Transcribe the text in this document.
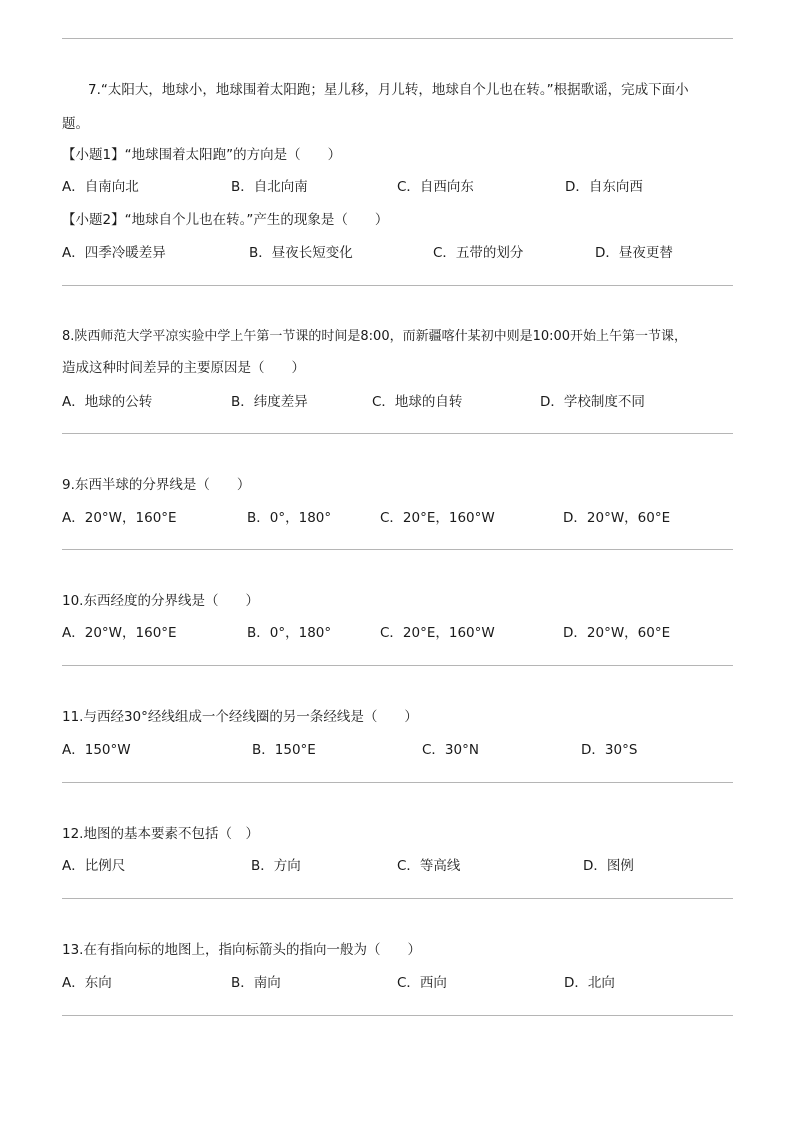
7.“太阳大，地球小，地球围着太阳跑；星儿移，月儿转，地球自个儿也在转。”根据歌谣，完成下面小
题。
【小题1】“地球围着太阳跑”的方向是（　　）
A．自南向北	B．自北向南	C．自西向东	D．自东向西
【小题2】“地球自个儿也在转。”产生的现象是（　　）
A．四季冷暖差异	B．昼夜长短变化	C．五带的划分	D．昼夜更替
8.陕西师范大学平凉实验中学上午第一节课的时间是8:00，而新疆喀什某初中则是10:00开始上午第一节课，
造成这种时间差异的主要原因是（　　）
A．地球的公转	B．纬度差异	C．地球的自转	D．学校制度不同
9.东西半球的分界线是（　　）
A．20°W，160°E	B．0°，180°	C．20°E，160°W	D．20°W，60°E
10.东西经度的分界线是（　　）
A．20°W，160°E	B．0°，180°	C．20°E，160°W	D．20°W，60°E
11.与西经30°经线组成一个经线圈的另一条经线是（　　）
A．150°W	B．150°E	C．30°N	D．30°S
12.地图的基本要素不包括（　）
A．比例尺	B．方向	C．等高线	D．图例
13.在有指向标的地图上，指向标箭头的指向一般为（　　）
A．东向	B．南向	C．西向	D．北向
